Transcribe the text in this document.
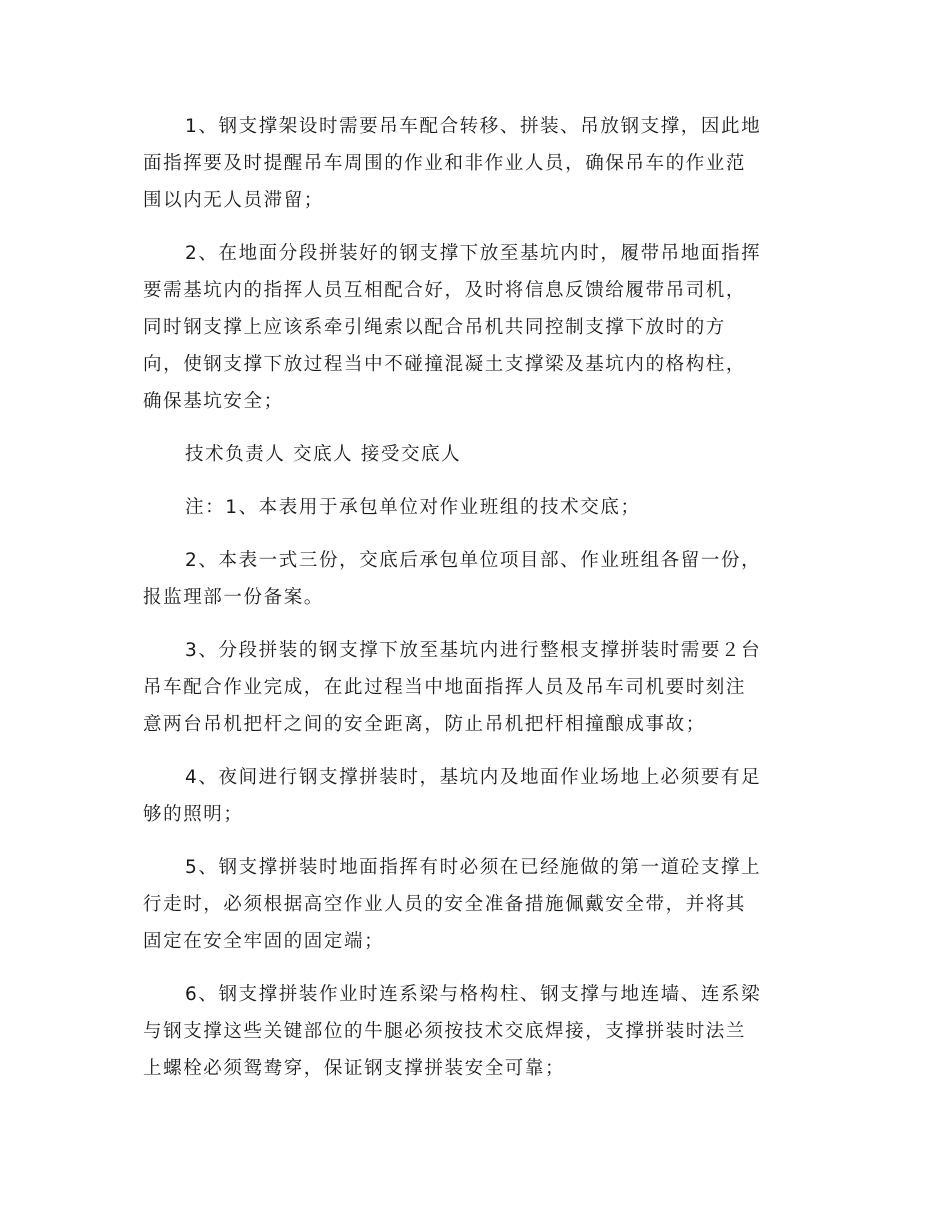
1、钢支撑架设时需要吊车配合转移、拼装、吊放钢支撑，因此地
面指挥要及时提醒吊车周围的作业和非作业人员，确保吊车的作业范
围以内无人员滞留；
2、在地面分段拼装好的钢支撑下放至基坑内时，履带吊地面指挥
要需基坑内的指挥人员互相配合好，及时将信息反馈给履带吊司机，
同时钢支撑上应该系牵引绳索以配合吊机共同控制支撑下放时的方
向，使钢支撑下放过程当中不碰撞混凝土支撑梁及基坑内的格构柱，
确保基坑安全；
技术负责人 交底人 接受交底人
注：1、本表用于承包单位对作业班组的技术交底；
2、本表一式三份，交底后承包单位项目部、作业班组各留一份，
报监理部一份备案。
3、分段拼装的钢支撑下放至基坑内进行整根支撑拼装时需要２台
吊车配合作业完成，在此过程当中地面指挥人员及吊车司机要时刻注
意两台吊机把杆之间的安全距离，防止吊机把杆相撞酿成事故；
4、夜间进行钢支撑拼装时，基坑内及地面作业场地上必须要有足
够的照明；
5、钢支撑拼装时地面指挥有时必须在已经施做的第一道砼支撑上
行走时，必须根据高空作业人员的安全准备措施佩戴安全带，并将其
固定在安全牢固的固定端；
6、钢支撑拼装作业时连系梁与格构柱、钢支撑与地连墙、连系梁
与钢支撑这些关键部位的牛腿必须按技术交底焊接，支撑拼装时法兰
上螺栓必须鸳鸯穿，保证钢支撑拼装安全可靠；
